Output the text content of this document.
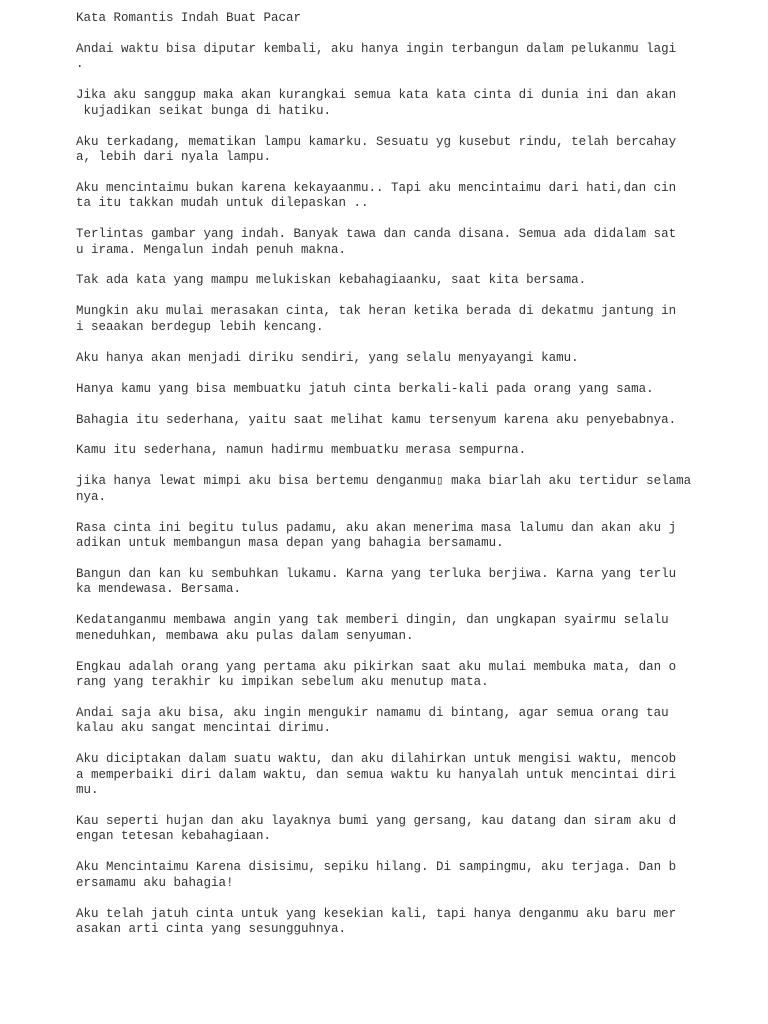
Kata Romantis Indah Buat Pacar
Andai waktu bisa diputar kembali, aku hanya ingin terbangun dalam pelukanmu lagi
.
Jika aku sanggup maka akan kurangkai semua kata kata cinta di dunia ini dan akan
kujadikan seikat bunga di hatiku.
Aku terkadang, mematikan lampu kamarku. Sesuatu yg kusebut rindu, telah bercahay
a, lebih dari nyala lampu.
Aku mencintaimu bukan karena kekayaanmu.. Tapi aku mencintaimu dari hati,dan cin
ta itu takkan mudah untuk dilepaskan ..
Terlintas gambar yang indah. Banyak tawa dan canda disana. Semua ada didalam sat
u irama. Mengalun indah penuh makna.
Tak ada kata yang mampu melukiskan kebahagiaanku, saat kita bersama.
Mungkin aku mulai merasakan cinta, tak heran ketika berada di dekatmu jantung in
i seaakan berdegup lebih kencang.
Aku hanya akan menjadi diriku sendiri, yang selalu menyayangi kamu.
Hanya kamu yang bisa membuatku jatuh cinta berkali-kali pada orang yang sama.
Bahagia itu sederhana, yaitu saat melihat kamu tersenyum karena aku penyebabnya.
Kamu itu sederhana, namun hadirmu membuatku merasa sempurna.
jika hanya lewat mimpi aku bisa bertemu denganmu▯ maka biarlah aku tertidur selama
nya.
Rasa cinta ini begitu tulus padamu, aku akan menerima masa lalumu dan akan aku j
adikan untuk membangun masa depan yang bahagia bersamamu.
Bangun dan kan ku sembuhkan lukamu. Karna yang terluka berjiwa. Karna yang terlu
ka mendewasa. Bersama.
Kedatanganmu membawa angin yang tak memberi dingin, dan ungkapan syairmu selalu
meneduhkan, membawa aku pulas dalam senyuman.
Engkau adalah orang yang pertama aku pikirkan saat aku mulai membuka mata, dan o
rang yang terakhir ku impikan sebelum aku menutup mata.
Andai saja aku bisa, aku ingin mengukir namamu di bintang, agar semua orang tau
kalau aku sangat mencintai dirimu.
Aku diciptakan dalam suatu waktu, dan aku dilahirkan untuk mengisi waktu, mencob
a memperbaiki diri dalam waktu, dan semua waktu ku hanyalah untuk mencintai diri
mu.
Kau seperti hujan dan aku layaknya bumi yang gersang, kau datang dan siram aku d
engan tetesan kebahagiaan.
Aku Mencintaimu Karena disisimu, sepiku hilang. Di sampingmu, aku terjaga. Dan b
ersamamu aku bahagia!
Aku telah jatuh cinta untuk yang kesekian kali, tapi hanya denganmu aku baru mer
asakan arti cinta yang sesungguhnya.
